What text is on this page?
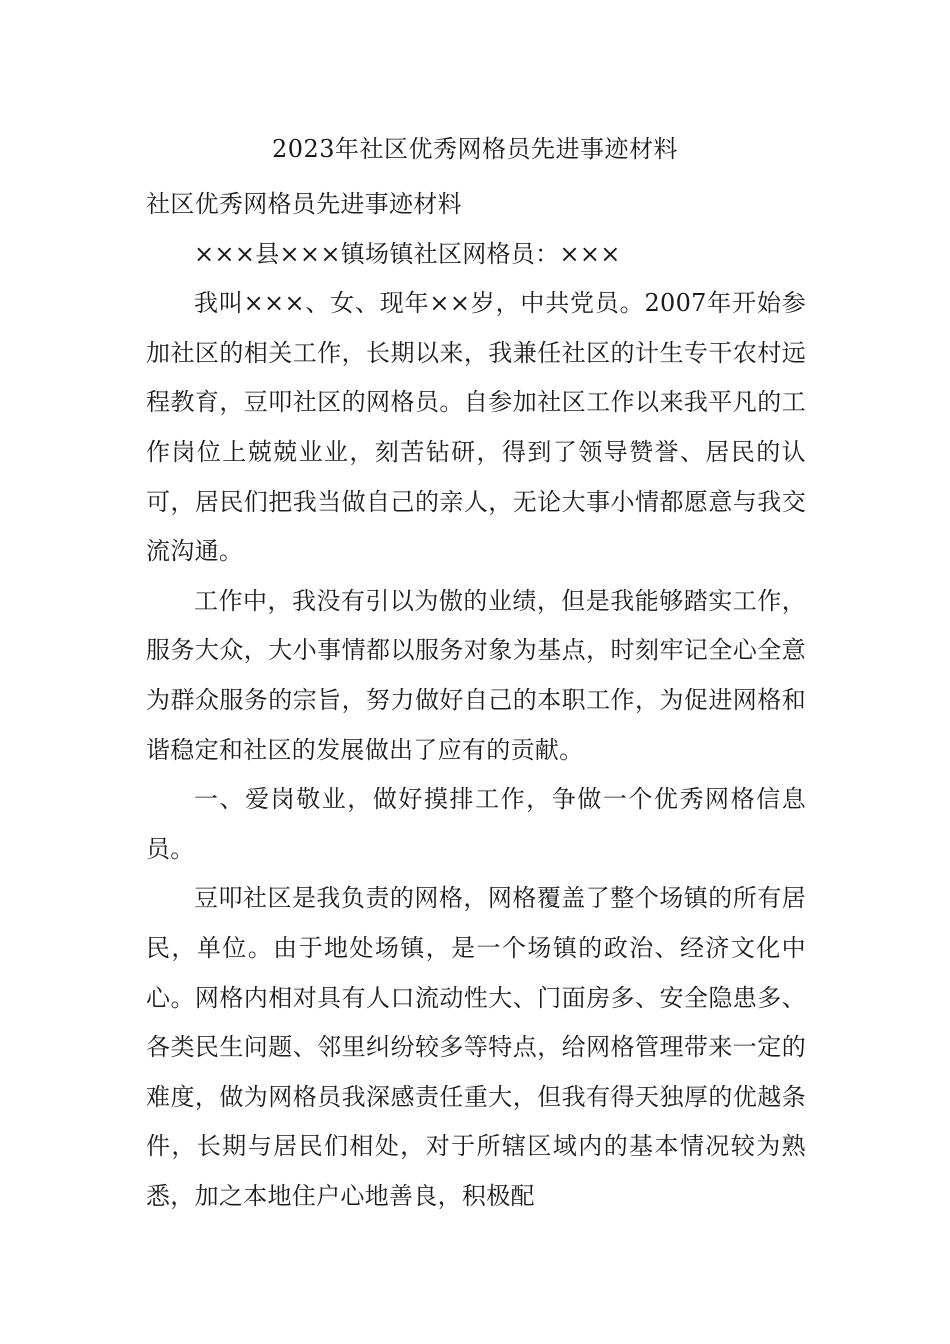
2023年社区优秀网格员先进事迹材料

社区优秀网格员先进事迹材料

×××县×××镇场镇社区网格员：×××

我叫×××、女、现年××岁，中共党员。2007年开始参加社区的相关工作，长期以来，我兼任社区的计生专干农村远程教育，豆叩社区的网格员。自参加社区工作以来我平凡的工作岗位上兢兢业业，刻苦钻研，得到了领导赞誉、居民的认可，居民们把我当做自己的亲人，无论大事小情都愿意与我交流沟通。

工作中，我没有引以为傲的业绩，但是我能够踏实工作，服务大众，大小事情都以服务对象为基点，时刻牢记全心全意为群众服务的宗旨，努力做好自己的本职工作，为促进网格和谐稳定和社区的发展做出了应有的贡献。

一、爱岗敬业，做好摸排工作，争做一个优秀网格信息员。

豆叩社区是我负责的网格，网格覆盖了整个场镇的所有居民，单位。由于地处场镇，是一个场镇的政治、经济文化中心。网格内相对具有人口流动性大、门面房多、安全隐患多、各类民生问题、邻里纠纷较多等特点，给网格管理带来一定的难度，做为网格员我深感责任重大，但我有得天独厚的优越条件，长期与居民们相处，对于所辖区域内的基本情况较为熟悉，加之本地住户心地善良，积极配
